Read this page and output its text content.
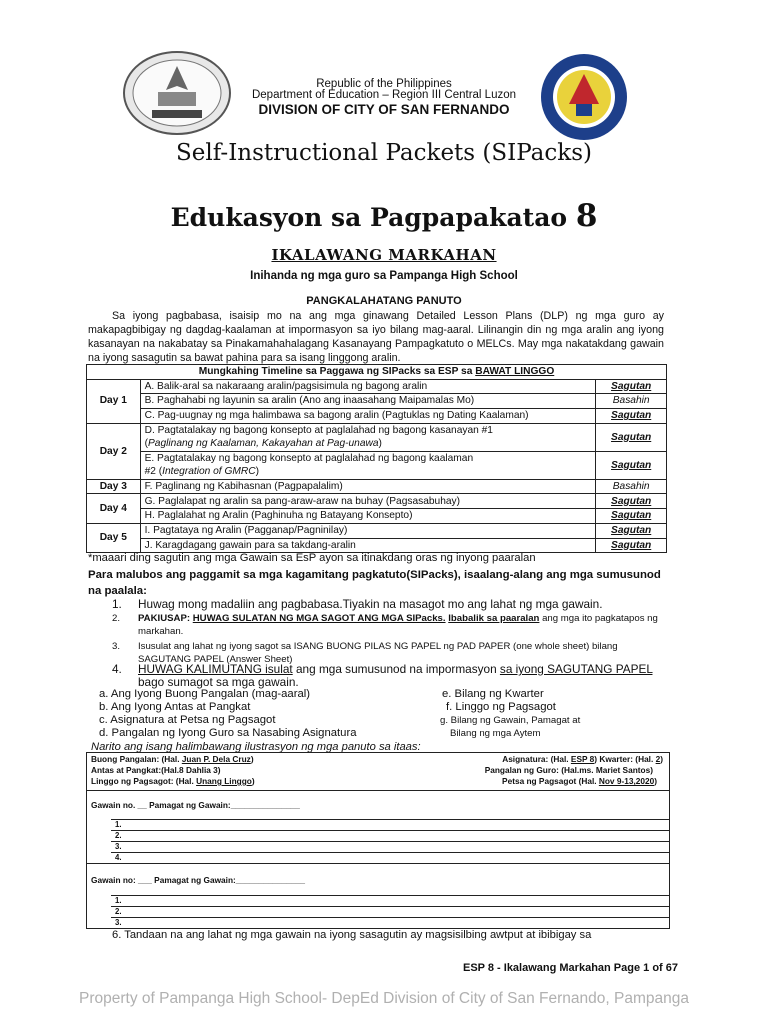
Republic of the Philippines
Department of Education – Region III Central Luzon
DIVISION OF CITY OF SAN FERNANDO
Self-Instructional Packets (SIPacks)
Edukasyon sa Pagpapakatao 8
IKALAWANG MARKAHAN
Inihanda ng mga guro sa Pampanga High School
PANGKALAHATANG PANUTO

Sa iyong pagbabasa, isaisip mo na ang mga ginawang Detailed Lesson Plans (DLP) ng mga guro ay makapagbibigay ng dagdag-kaalaman at impormasyon sa iyo bilang mag-aaral. Lilinangin din ng mga aralin ang iyong kasanayan na nakabatay sa Pinakamahahalagang Kasanayang Pampagkatuto o MELCs. May mga nakatakdang gawain na iyong sasagutin sa bawat pahina para sa isang linggong aralin.

Mungkahing Timeline sa Paggawa ng SIPacks sa ESP sa BAWAT LINGGO		
Day 1	A. Balik-aral sa nakaraang aralin/pagsisimula ng bagong aralin	Sagutan
	B. Paghahabi ng layunin sa aralin (Ano ang inaasahang Maipamalas Mo)	Basahin
	C. Pag-uugnay ng mga halimbawa sa bagong aralin (Pagtuklas ng Dating Kaalaman)	Sagutan
Day 2	D. Pagtatalakay ng bagong konsepto at paglalahad ng bagong kasanayan #1
(Paglinang ng Kaalaman, Kakayahan at Pag-unawa)	Sagutan
	E. Pagtatalakay ng bagong konsepto at paglalahad ng bagong kaalaman
#2 (Integration of GMRC)	Sagutan
Day 3	F. Paglinang ng Kabihasnan (Pagpapalalim)	Basahin
Day 4	G. Paglalapat ng aralin sa pang-araw-araw na buhay (Pagsasabuhay)	Sagutan
	H. Paglalahat ng Aralin (Paghinuha ng Batayang Konsepto)	Sagutan
Day 5	I. Pagtataya ng Aralin (Pagganap/Pagninilay)	Sagutan
	J. Karagdagang gawain para sa takdang-aralin	Sagutan
*maaari ding sagutin ang mga Gawain sa EsP ayon sa itinakdang oras ng inyong paaralan
Para malubos ang paggamit sa mga kagamitang pagkatuto(SIPacks), isaalang-alang ang mga sumusunod na paalala:
1. Huwag mong madaliin ang pagbabasa.Tiyakin na masagot mo ang lahat ng mga gawain.
2. PAKIUSAP: HUWAG SULATAN NG MGA SAGOT ANG MGA SIPacks. Ibabalik sa paaralan ang mga ito pagkatapos ng markahan.
3. Isusulat ang lahat ng iyong sagot sa ISANG BUONG PILAS NG PAPEL ng PAD PAPER (one whole sheet) bilang SAGUTANG PAPEL (Answer Sheet)
4. HUWAG KALIMUTANG isulat ang mga sumusunod na impormasyon sa iyong SAGUTANG PAPEL bago sumagot sa mga gawain.
a. Ang Iyong Buong Pangalan (mag-aaral)
b. Ang Iyong Antas at Pangkat
c. Asignatura at Petsa ng Pagsagot
d. Pangalan ng Iyong Guro sa Nasabing Asignatura
e. Bilang ng Kwarter
f. Linggo ng Pagsagot
g. Bilang ng Gawain, Pamagat at
Bilang ng mga Aytem
Narito ang isang halimbawang ilustrasyon ng mga panuto sa itaas:
Buong Pangalan: (Hal. Juan P. Dela Cruz)
Antas at Pangkat:(Hal.8 Dahlia 3)
Linggo ng Pagsagot: (Hal. Unang Linggo)
Asignatura: (Hal. ESP 8) Kwarter: (Hal. 2)
Pangalan ng Guro: (Hal.ms. Mariet Santos)
Petsa ng Pagsagot (Hal. Nov 9-13,2020)
Gawain no. __ Pamagat ng Gawain:_______________
1.
2.
3.
4.
Gawain no: ___ Pamagat ng Gawain:_______________
1.
2.
3.
6. Tandaan na ang lahat ng mga gawain na iyong sasagutin ay magsisilbing awtput at ibibigay sa
ESP 8 - Ikalawang Markahan Page 1 of 67
Property of Pampanga High School- DepEd Division of City of San Fernando, Pampanga
